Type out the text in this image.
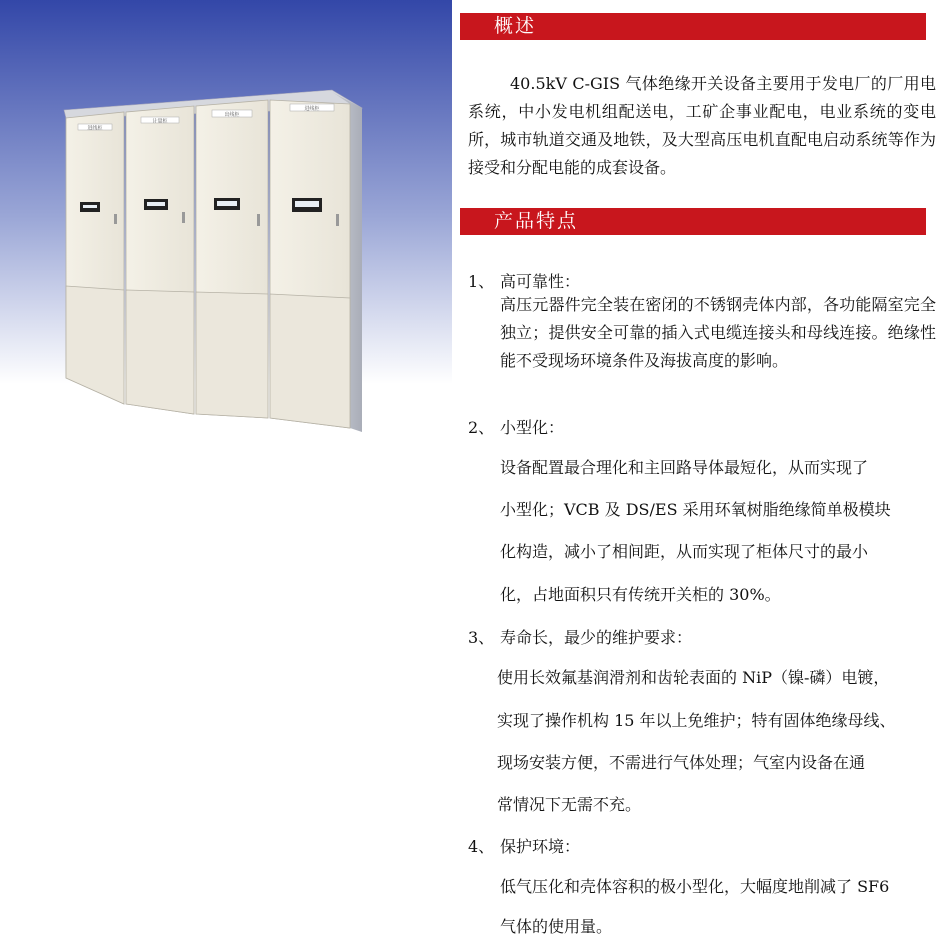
进线柜
计量柜
出线柜
进线柜
概述

40.5kV C-GIS 气体绝缘开关设备主要用于发电厂的厂用电系统，中小发电机组配送电，工矿企事业配电，电业系统的变电所，城市轨道交通及地铁，及大型高压电机直配电启动系统等作为接受和分配电能的成套设备。

产品特点
1、 高可靠性：

高压元器件完全装在密闭的不锈钢壳体内部，各功能隔室完全独立；提供安全可靠的插入式电缆连接头和母线连接。绝缘性能不受现场环境条件及海拔高度的影响。

2、 小型化：
设备配置最合理化和主回路导体最短化，从而实现了
小型化；VCB 及 DS/ES 采用环氧树脂绝缘简单极模块
化构造，减小了相间距，从而实现了柜体尺寸的最小
化，占地面积只有传统开关柜的 30%。
3、 寿命长，最少的维护要求：
使用长效氟基润滑剂和齿轮表面的 NiP（镍-磷）电镀，
实现了操作机构 15 年以上免维护；特有固体绝缘母线、
现场安装方便，不需进行气体处理；气室内设备在通
常情况下无需不充。
4、 保护环境：
低气压化和壳体容积的极小型化，大幅度地削减了 SF6
气体的使用量。
